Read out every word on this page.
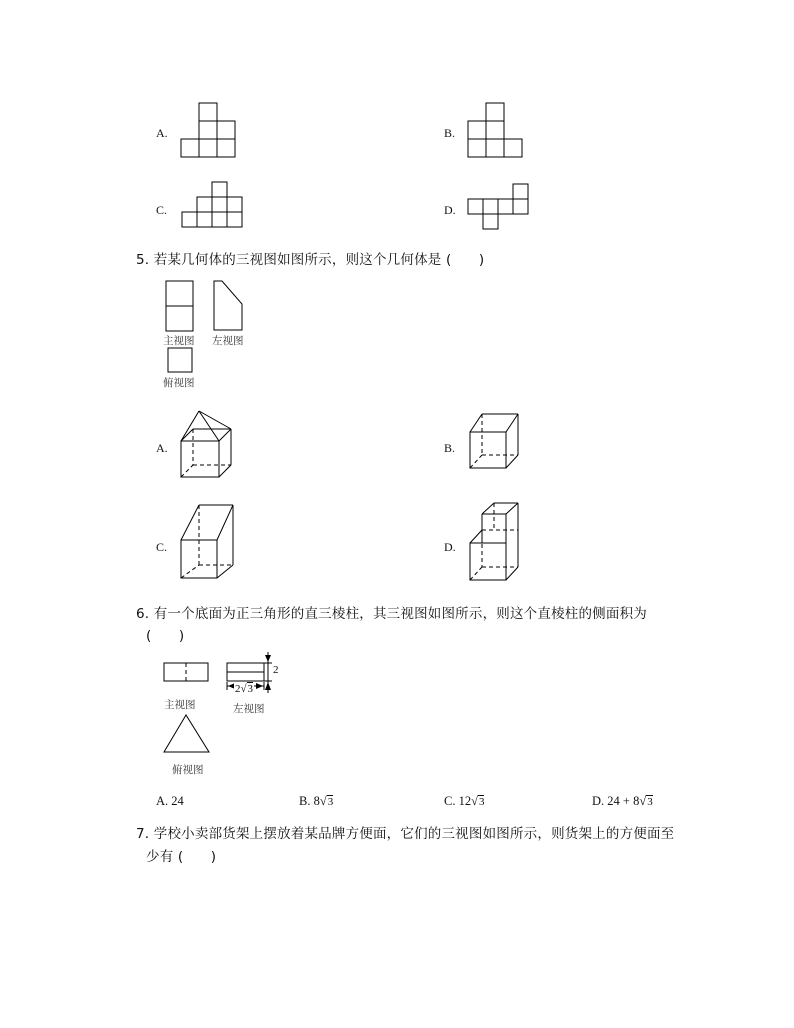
A.	B.
C.	D.
5. 若某几何体的三视图如图所示，则这个几何体是 (　　)
主视图 左视图
俯视图
A.	B.
C.	D.
6. 有一个底面为正三角形的直三棱柱，其三视图如图所示，则这个直棱柱的侧面积为
(　　)
主视图
2
2√3
左视图
俯视图
A. 24	B. 8√3	C. 12√3	D. 24 + 8√3
7. 学校小卖部货架上摆放着某品牌方便面，它们的三视图如图所示，则货架上的方便面至
少有 (　　)
